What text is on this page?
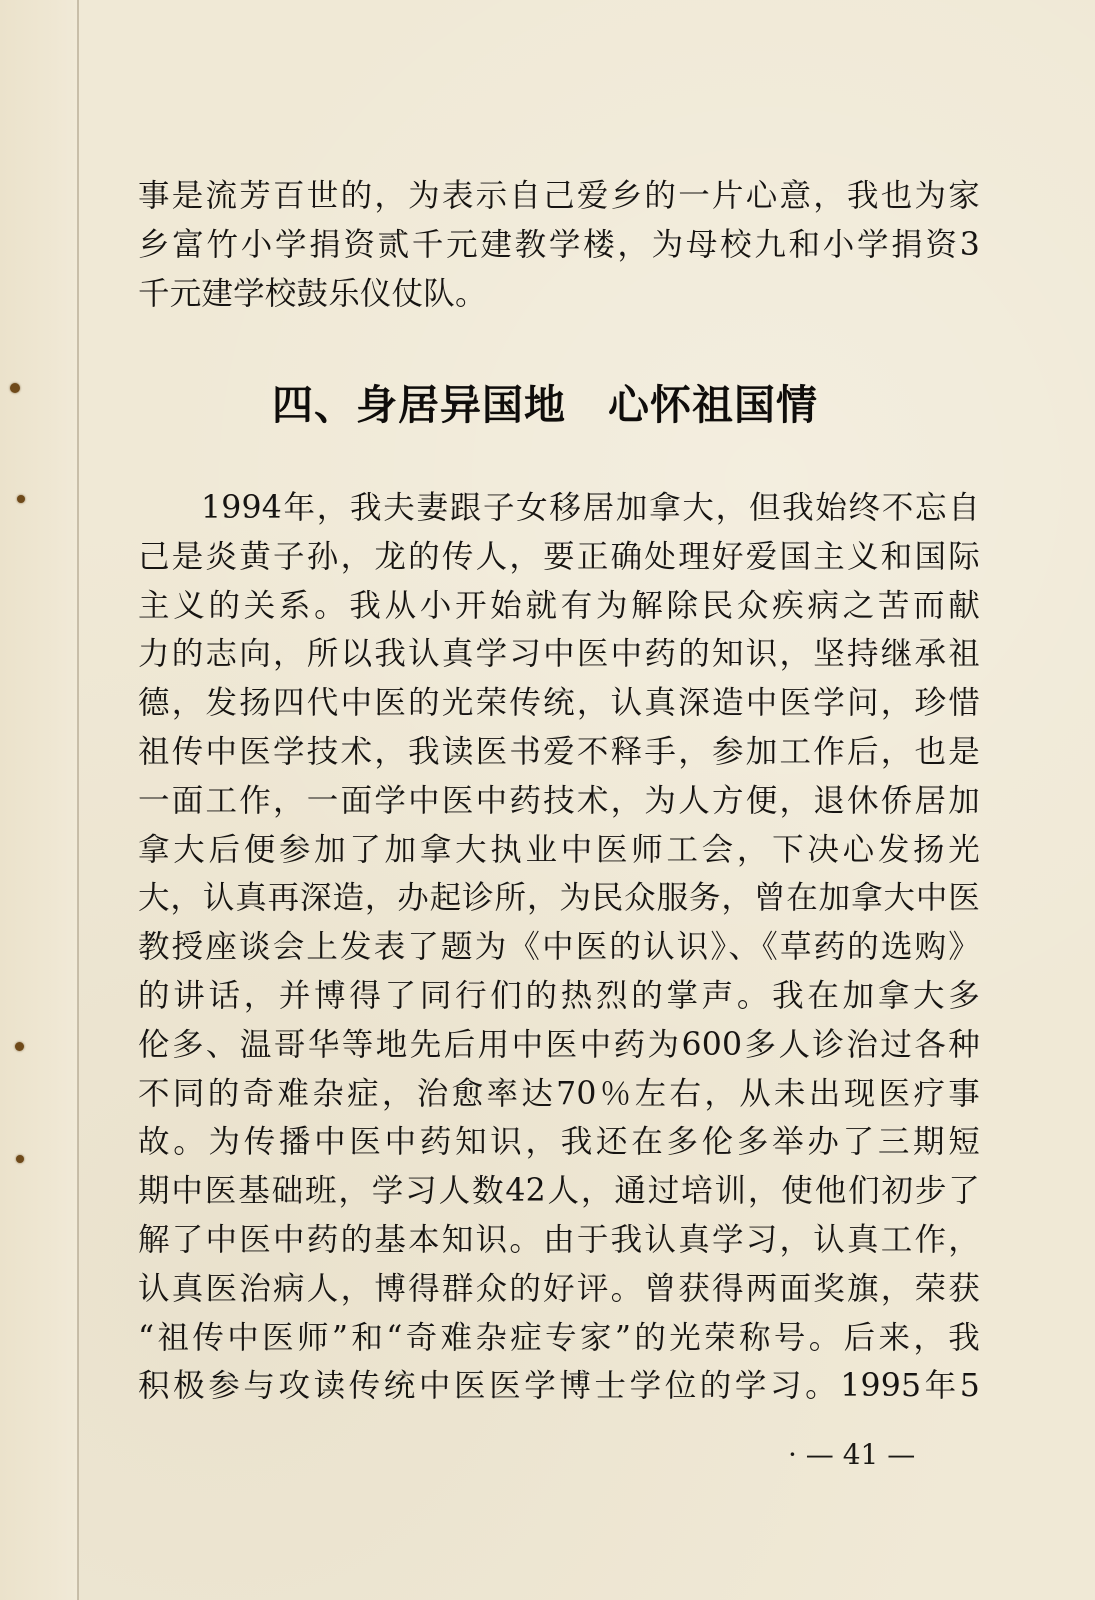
事是流芳百世的，为表示自己爱乡的一片心意，我也为家
乡富竹小学捐资贰千元建教学楼，为母校九和小学捐资3
千元建学校鼓乐仪仗队。
四、身居异国地 心怀祖国情
1994年，我夫妻跟子女移居加拿大，但我始终不忘自
己是炎黄子孙，龙的传人，要正确处理好爱国主义和国际
主义的关系。我从小开始就有为解除民众疾病之苦而献
力的志向，所以我认真学习中医中药的知识，坚持继承祖
德，发扬四代中医的光荣传统，认真深造中医学问，珍惜
祖传中医学技术，我读医书爱不释手，参加工作后，也是
一面工作，一面学中医中药技术，为人方便，退休侨居加
拿大后便参加了加拿大执业中医师工会，下决心发扬光
大，认真再深造，办起诊所，为民众服务，曾在加拿大中医
教授座谈会上发表了题为《中医的认识》、《草药的选购》
的讲话，并博得了同行们的热烈的掌声。我在加拿大多
伦多、温哥华等地先后用中医中药为600多人诊治过各种
不同的奇难杂症，治愈率达70％左右，从未出现医疗事
故。为传播中医中药知识，我还在多伦多举办了三期短
期中医基础班，学习人数42人，通过培训，使他们初步了
解了中医中药的基本知识。由于我认真学习，认真工作，
认真医治病人，博得群众的好评。曾获得两面奖旗，荣获
“祖传中医师”和“奇难杂症专家”的光荣称号。后来，我
积极参与攻读传统中医医学博士学位的学习。1995年5
· — 41 —
